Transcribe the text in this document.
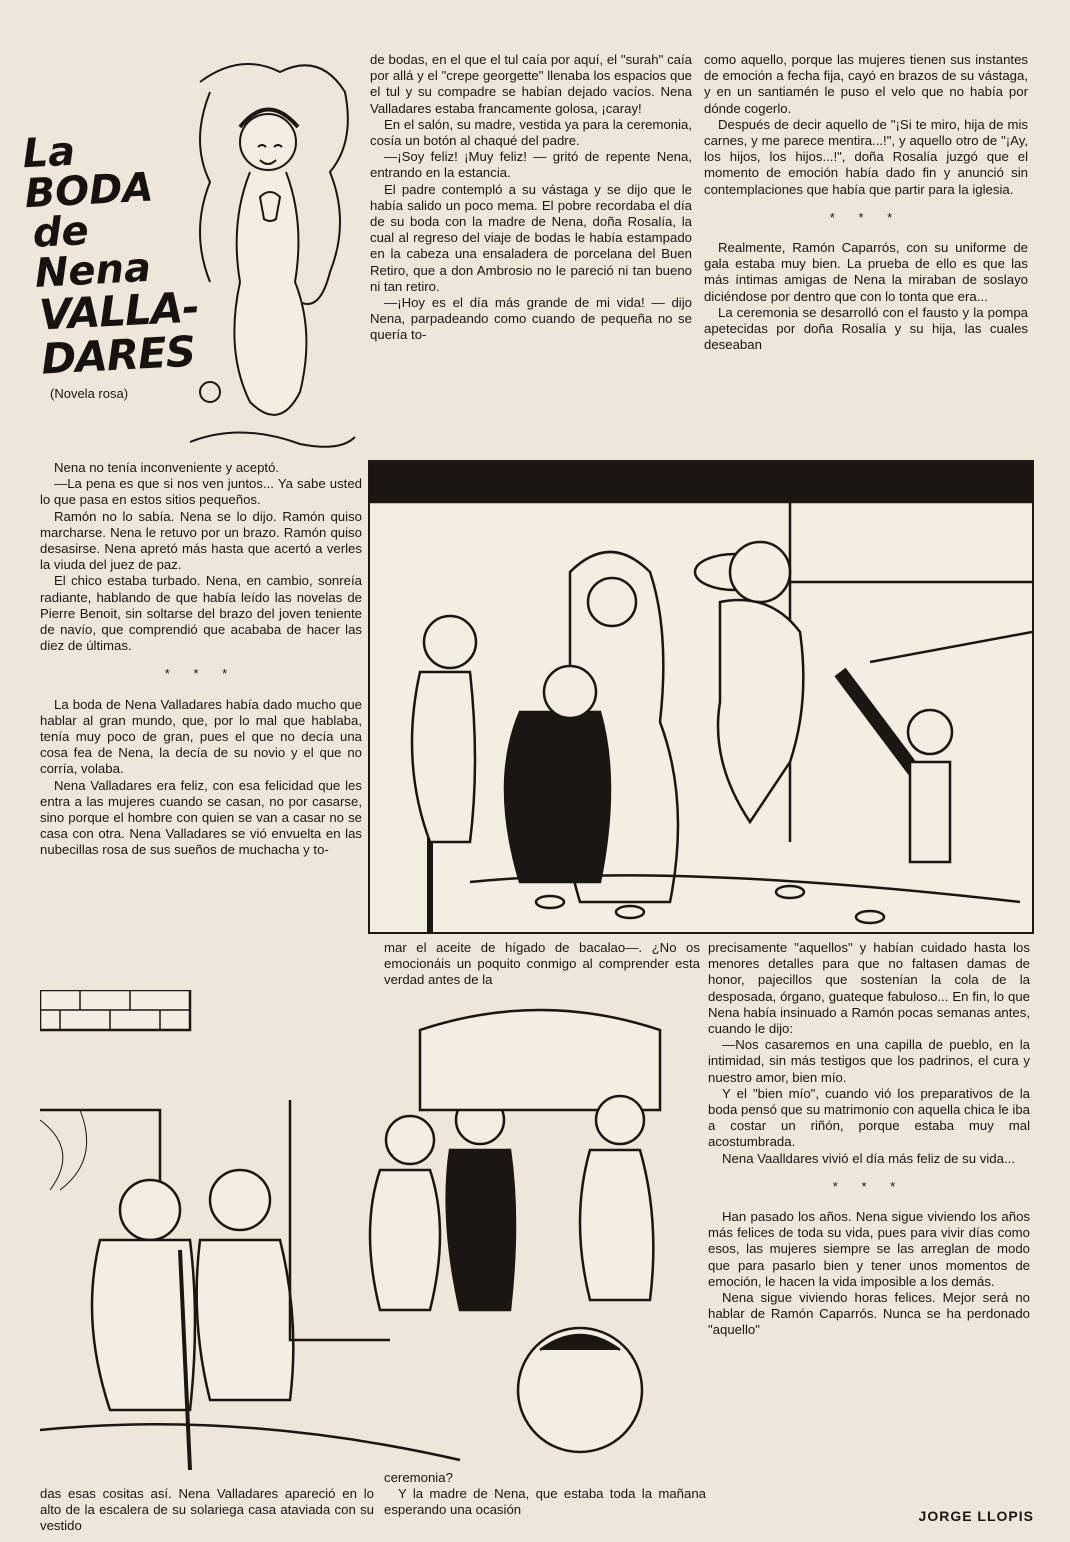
La BODA
de Nena
VALLA-
DARES
(Novela rosa)

Nena no tenía inconveniente y aceptó.

—La pena es que si nos ven juntos... Ya sabe usted lo que pasa en estos sitios pequeños.

Ramón no lo sabía. Nena se lo dijo. Ramón quiso marcharse. Nena le retuvo por un brazo. Ramón quiso desasirse. Nena apretó más hasta que acertó a verles la viuda del juez de paz.

El chico estaba turbado. Nena, en cambio, sonreía radiante, hablando de que había leído las novelas de Pierre Benoit, sin soltarse del brazo del joven teniente de navío, que comprendió que acababa de hacer las diez de últimas.

* * *

La boda de Nena Valladares había dado mucho que hablar al gran mundo, que, por lo mal que hablaba, tenía muy poco de gran, pues el que no decía una cosa fea de Nena, la decía de su novio y el que no corría, volaba.

Nena Valladares era feliz, con esa felicidad que les entra a las mujeres cuando se casan, no por casarse, sino porque el hombre con quien se van a casar no se casa con otra. Nena Valladares se vió envuelta en las nubecillas rosa de sus sueños de muchacha y to-

de bodas, en el que el tul caía por aquí, el "surah" caía por allá y el "crepe georgette" llenaba los espacios que el tul y su compadre se habían dejado vacíos. Nena Valladares estaba francamente golosa, ¡caray!

En el salón, su madre, vestida ya para la ceremonia, cosía un botón al chaqué del padre.

—¡Soy feliz! ¡Muy feliz! — gritó de repente Nena, entrando en la estancia.

El padre contempló a su vástaga y se dijo que le había salido un poco mema. El pobre recordaba el día de su boda con la madre de Nena, doña Rosalía, la cual al regreso del viaje de bodas le había estampado en la cabeza una ensaladera de porcelana del Buen Retiro, que a don Ambrosio no le pareció ni tan bueno ni tan retiro.

—¡Hoy es el día más grande de mi vida! — dijo Nena, parpadeando como cuando de pequeña no se quería to-

como aquello, porque las mujeres tienen sus instantes de emoción a fecha fija, cayó en brazos de su vástaga, y en un santiamén le puso el velo que no había por dónde cogerlo.

Después de decir aquello de "¡Si te miro, hija de mis carnes, y me parece mentira...!", y aquello otro de "¡Ay, los hijos, los hijos...!", doña Rosalía juzgó que el momento de emoción había dado fin y anunció sin contemplaciones que había que partir para la iglesia.

* * *

Realmente, Ramón Caparrós, con su uniforme de gala estaba muy bien. La prueba de ello es que las más íntimas amigas de Nena la miraban de soslayo diciéndose por dentro que con lo tonta que era...

La ceremonia se desarrolló con el fausto y la pompa apetecidas por doña Rosalía y su hija, las cuales deseaban

mar el aceite de hígado de bacalao—. ¿No os emocionáis un poquito conmigo al comprender esta verdad antes de la

precisamente "aquellos" y habían cuidado hasta los menores detalles para que no faltasen damas de honor, pajecillos que sostenían la cola de la desposada, órgano, guateque fabuloso... En fin, lo que Nena había insinuado a Ramón pocas semanas antes, cuando le dijo:

—Nos casaremos en una capilla de pueblo, en la intimidad, sin más testigos que los padrinos, el cura y nuestro amor, bien mío.

Y el "bien mío", cuando vió los preparativos de la boda pensó que su matrimonio con aquella chica le iba a costar un riñón, porque estaba muy mal acostumbrada.

Nena Vaalldares vivió el día más feliz de su vida...

* * *

Han pasado los años. Nena sigue viviendo los años más felices de toda su vida, pues para vivir días como esos, las mujeres siempre se las arreglan de modo que para pasarlo bien y tener unos momentos de emoción, le hacen la vida imposible a los demás.

Nena sigue viviendo horas felices. Mejor será no hablar de Ramón Caparrós. Nunca se ha perdonado "aquello"

das esas cositas así. Nena Valladares apareció en lo alto de la escalera de su solariega casa ataviada con su vestido

ceremonia?

Y la madre de Nena, que estaba toda la mañana esperando una ocasión	JORGE LLOPIS
